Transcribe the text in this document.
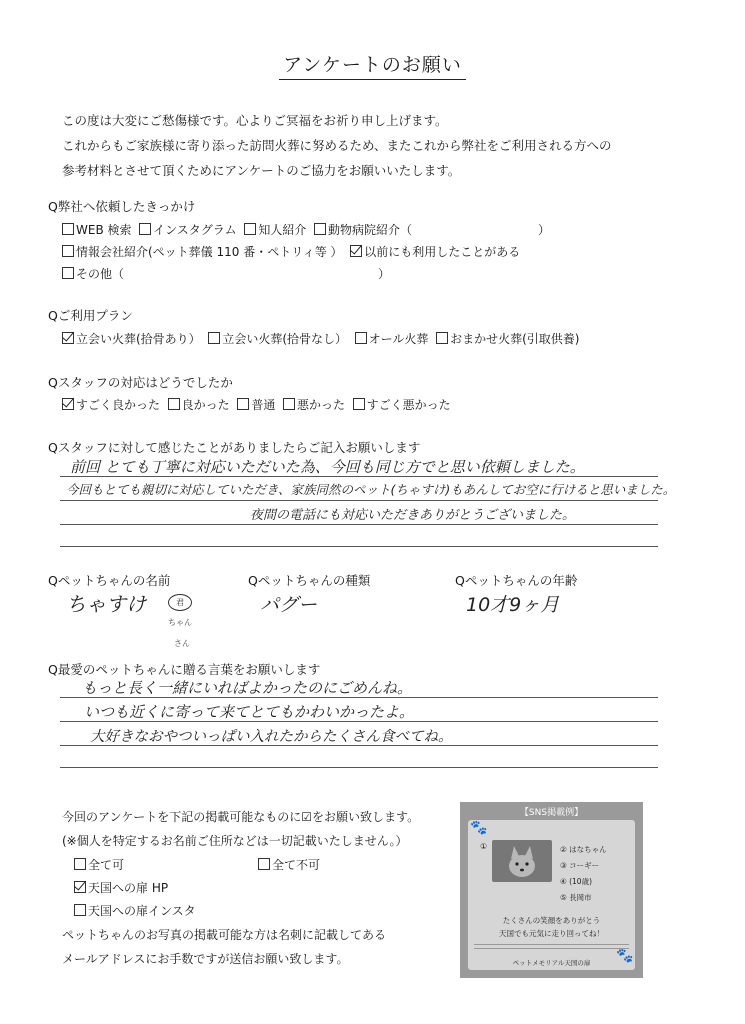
アンケートのお願い
この度は大変にご愁傷様です。心よりご冥福をお祈り申し上げます。
これからもご家族様に寄り添った訪問火葬に努めるため、またこれから弊社をご利用される方への
参考材料とさせて頂くためにアンケートのご協力をお願いいたします。
Q弊社へ依頼したきっかけ
WEB 検索 インスタグラム 知人紹介 動物病院紹介（	）
情報会社紹介(ペット葬儀 110 番・ペトリィ等 ） 以前にも利用したことがある
その他（	）
Qご利用プラン
立会い火葬(拾骨あり） 立会い火葬(拾骨なし） オール火葬 おまかせ火葬(引取供養)
Qスタッフの対応はどうでしたか
すごく良かった 良かった 普通 悪かった すごく悪かった
Qスタッフに対して感じたことがありましたらご記入お願いします
前回 とても丁寧に対応いただいた為、今回も同じ方でと思い依頼しました。
今回もとても親切に対応していただき、家族同然のペット(ちゃすけ)もあんしてお空に行けると思いました。
夜間の電話にも対応いただきありがとうございました。
Qペットちゃんの名前	Qペットちゃんの種類	Qペットちゃんの年齢
ちゃすけ	君
ちゃん
さん
パグー	10才9ヶ月
Q最愛のペットちゃんに贈る言葉をお願いします
もっと長く一緒にいればよかったのにごめんね。
いつも近くに寄って来てとてもかわいかったよ。
大好きなおやついっぱい入れたからたくさん食べてね。
今回のアンケートを下記の掲載可能なものに☑をお願い致します。
(※個人を特定するお名前ご住所などは一切記載いたしません。）
全て可	全て不可
天国への扉 HP
天国への扉インスタ
ペットちゃんのお写真の掲載可能な方は名刺に記載してある
メールアドレスにお手数ですが送信お願い致します。
【SNS掲載例】
🐾
①	② はなちゃん
③ コーギー
④ (10歳)
⑤ 長岡市
たくさんの笑顔をありがとう
天国でも元気に走り回ってね！
🐾
ペットメモリアル天国の扉
